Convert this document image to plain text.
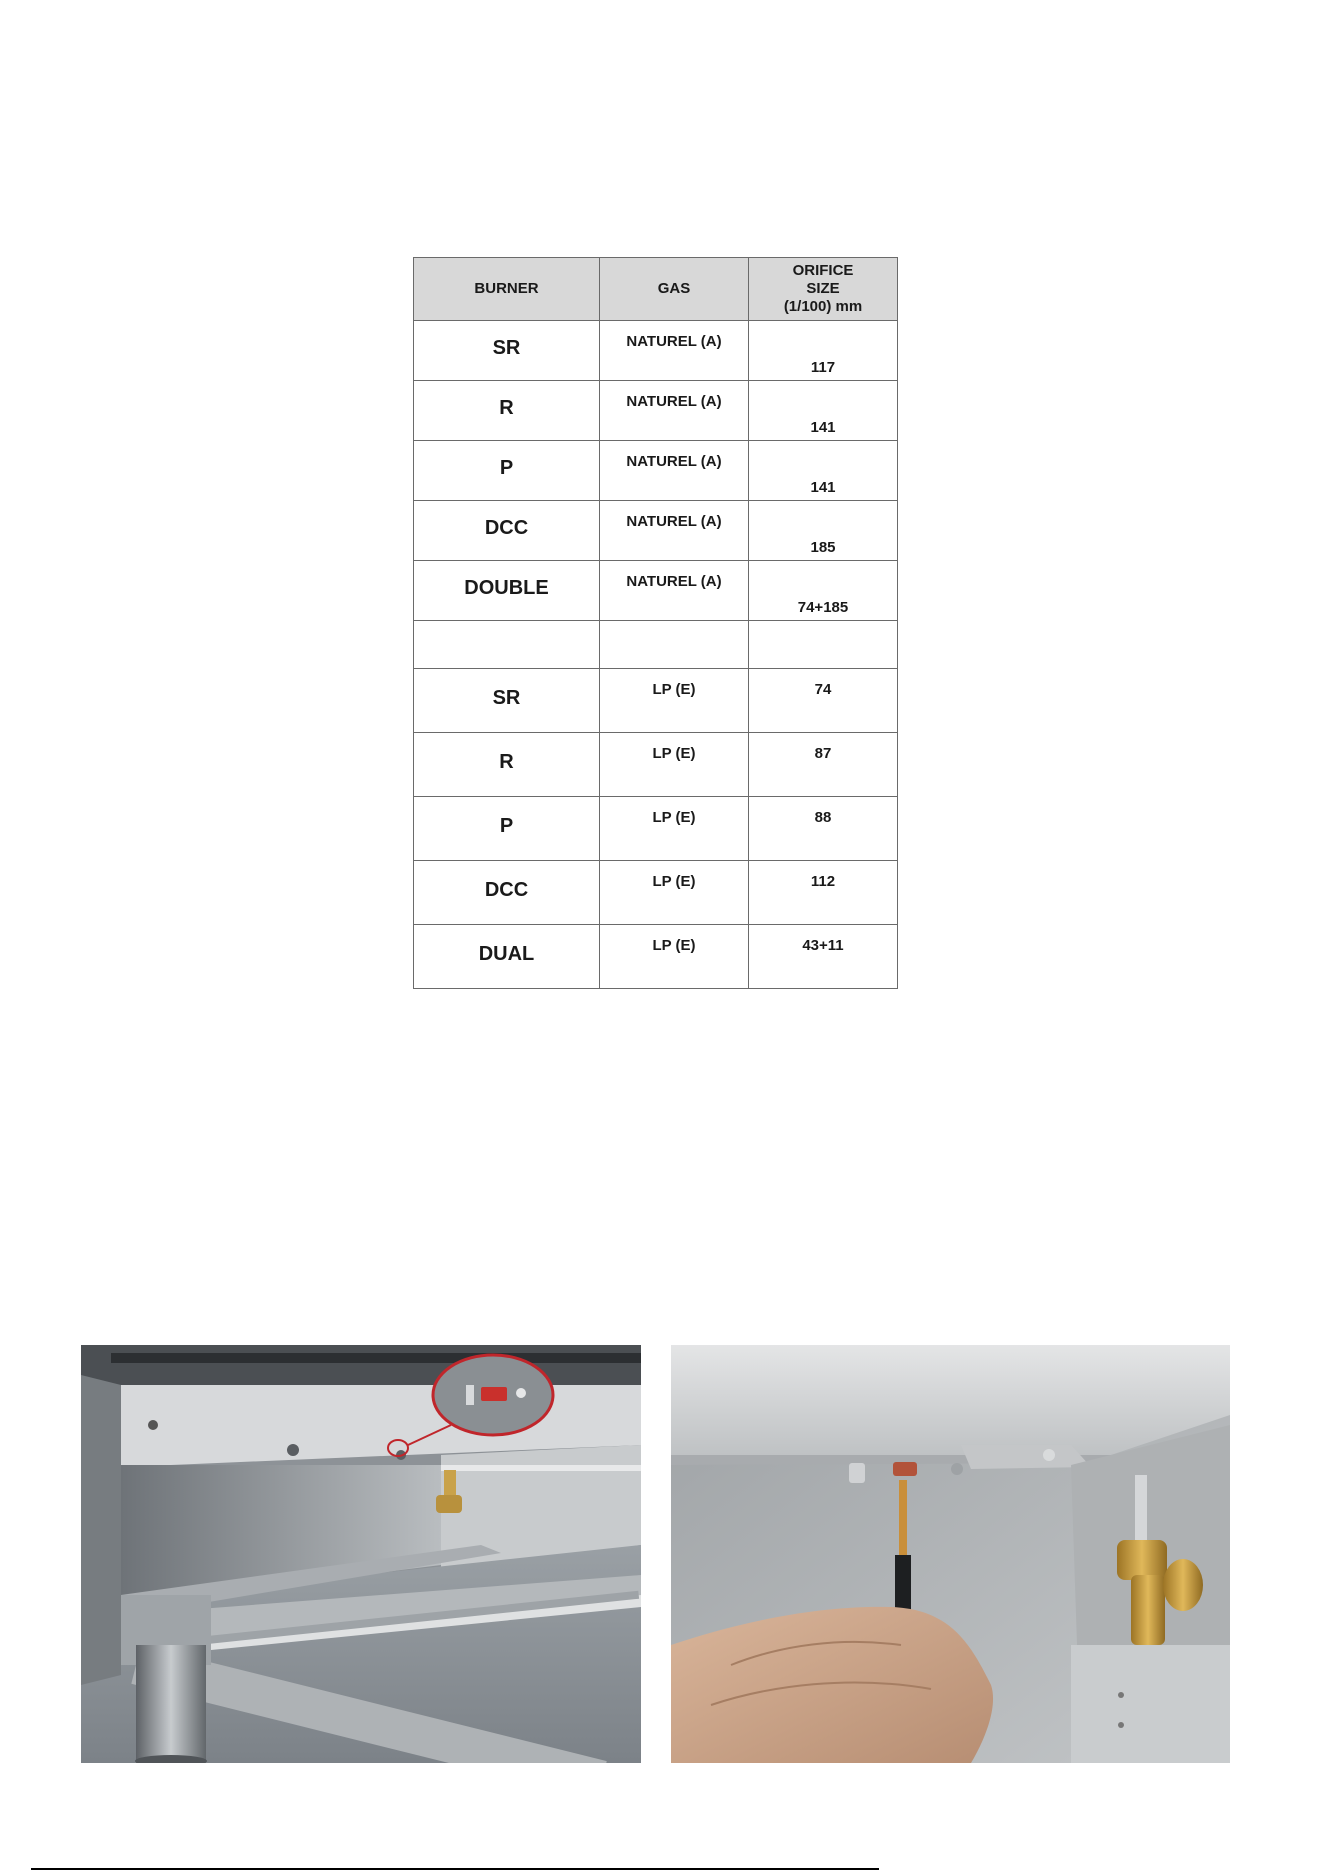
BURNER	GAS	ORIFICE
SIZE
(1/100) mm

SR	NATUREL (A)	117
R	NATUREL (A)	141
P	NATUREL (A)	141
DCC	NATUREL (A)	185
DOUBLE	NATUREL (A)	74+185

SR	LP (E)	74
R	LP (E)	87
P	LP (E)	88
DCC	LP (E)	112
DUAL	LP (E)	43+11
